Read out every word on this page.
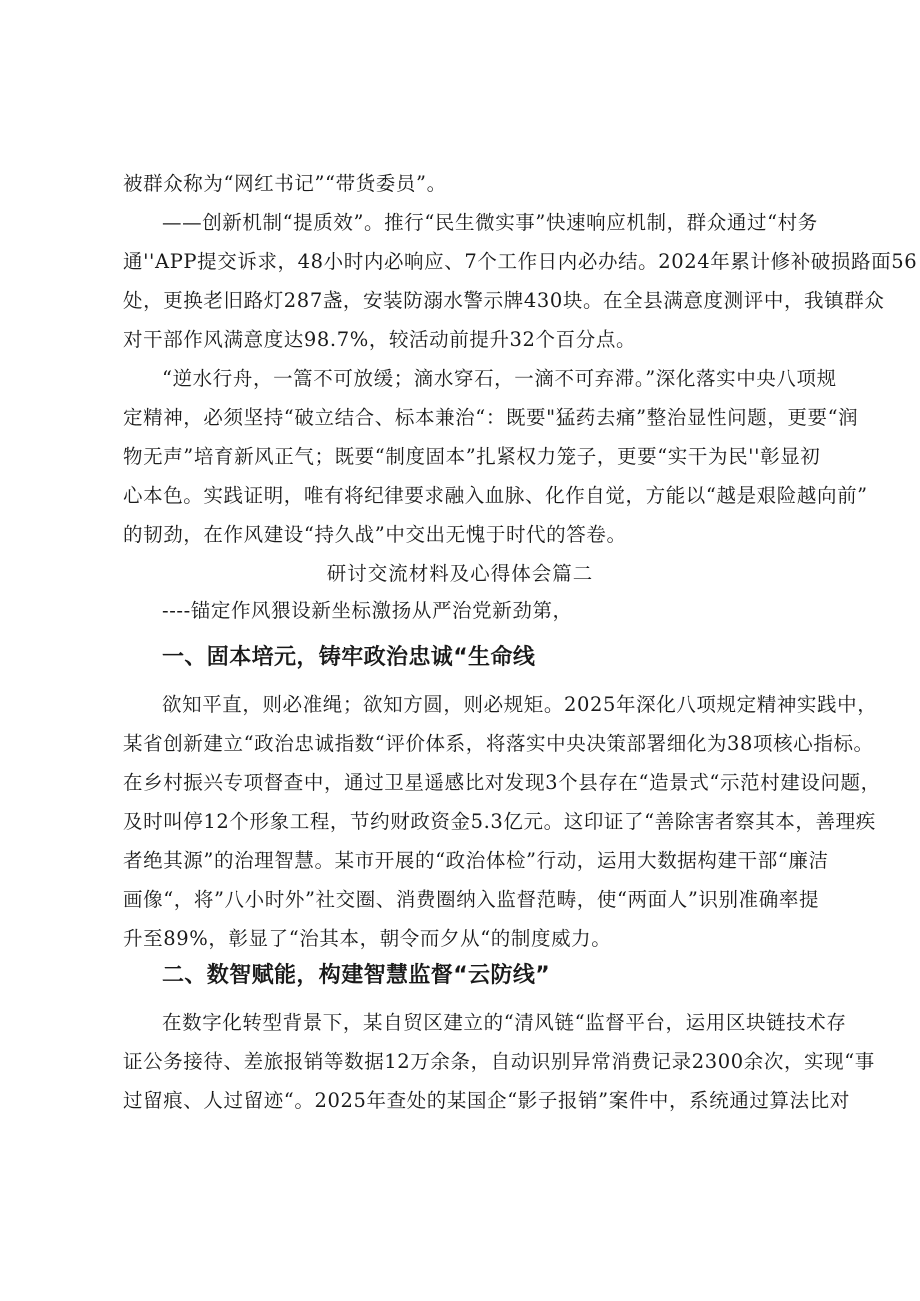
被群众称为“网红书记”“带货委员”。
——创新机制“提质效”。推行“民生微实事”快速响应机制，群众通过“村务
通''APP提交诉求，48小时内必响应、7个工作日内必办结。2024年累计修补破损路面56
处，更换老旧路灯287盏，安装防溺水警示牌430块。在全县满意度测评中，我镇群众
对干部作风满意度达98.7%，较活动前提升32个百分点。
“逆水行舟，一篙不可放缓；滴水穿石，一滴不可弃滞。”深化落实中央八项规
定精神，必须坚持“破立结合、标本兼治“：既要"猛药去痛”整治显性问题，更要“润
物无声”培育新风正气；既要“制度固本”扎紧权力笼子，更要“实干为民''彰显初
心本色。实践证明，唯有将纪律要求融入血脉、化作自觉，方能以“越是艰险越向前”
的韧劲，在作风建设“持久战”中交出无愧于时代的答卷。
研讨交流材料及心得体会篇二
----锚定作风猥设新坐标激扬从严治党新劲第，
一、固本培元，铸牢政治忠诚“生命线
欲知平直，则必准绳；欲知方圆，则必规矩。2025年深化八项规定精神实践中，
某省创新建立“政治忠诚指数“评价体系，将落实中央决策部署细化为38项核心指标。
在乡村振兴专项督查中，通过卫星遥感比对发现3个县存在“造景式“示范村建设问题，
及时叫停12个形象工程，节约财政资金5.3亿元。这印证了“善除害者察其本，善理疾
者绝其源”的治理智慧。某市开展的“政治体检”行动，运用大数据构建干部“廉洁
画像“，将”八小时外”社交圈、消费圈纳入监督范畴，使“两面人”识别准确率提
升至89%，彰显了“治其本，朝令而夕从“的制度威力。
二、数智赋能，构建智慧监督“云防线”
在数字化转型背景下，某自贸区建立的“清风链“监督平台，运用区块链技术存
证公务接待、差旅报销等数据12万余条，自动识别异常消费记录2300余次，实现“事
过留痕、人过留迹“。2025年查处的某国企“影子报销”案件中，系统通过算法比对
